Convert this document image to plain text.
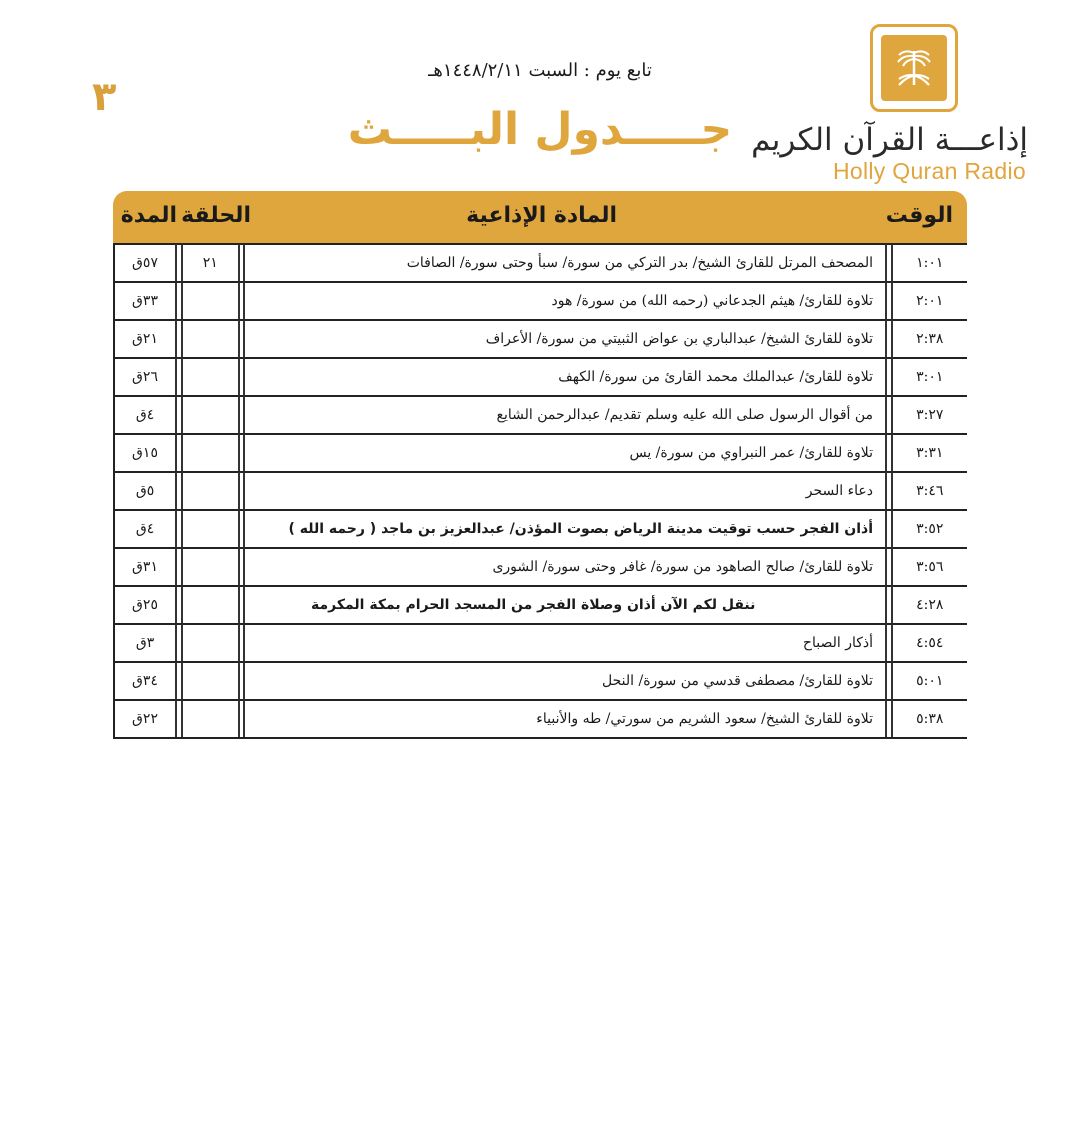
٣
إذاعـــة القرآن الكريم
Holly Quran Radio
تابع يوم : السبت ١٤٤٨/٢/١١هـ
جـــــدول البـــــث
الوقت
المادة الإذاعية
الحلقة
المدة
١:٠١		المصحف المرتل للقارئ الشيخ/ بدر التركي من سورة/ سبأ وحتى سورة/ الصافات		٢١		٥٧ق
٢:٠١		تلاوة للقارئ/ هيثم الجدعاني (رحمه الله) من سورة/ هود				٣٣ق
٢:٣٨		تلاوة للقارئ الشيخ/ عبدالباري بن عواض الثبيتي من سورة/ الأعراف				٢١ق
٣:٠١		تلاوة للقارئ/ عبدالملك محمد القارئ من سورة/ الكهف				٢٦ق
٣:٢٧		من أقوال الرسول صلى الله عليه وسلم تقديم/ عبدالرحمن الشايع				٤ق
٣:٣١		تلاوة للقارئ/ عمر النبراوي من سورة/ يس				١٥ق
٣:٤٦		دعاء السحر				٥ق
٣:٥٢		أذان الفجر حسب توقيت مدينة الرياض بصوت المؤذن/ عبدالعزيز بن ماجد ( رحمه الله )				٤ق
٣:٥٦		تلاوة للقارئ/ صالح الصاهود من سورة/ غافر وحتى سورة/ الشورى				٣١ق
٤:٢٨		ننقل لكم الآن أذان وصلاة الفجر من المسجد الحرام بمكة المكرمة				٢٥ق
٤:٥٤		أذكار الصباح				٣ق
٥:٠١		تلاوة للقارئ/ مصطفى قدسي من سورة/ النحل				٣٤ق
٥:٣٨		تلاوة للقارئ الشيخ/ سعود الشريم من سورتي/ طه والأنبياء				٢٢ق
